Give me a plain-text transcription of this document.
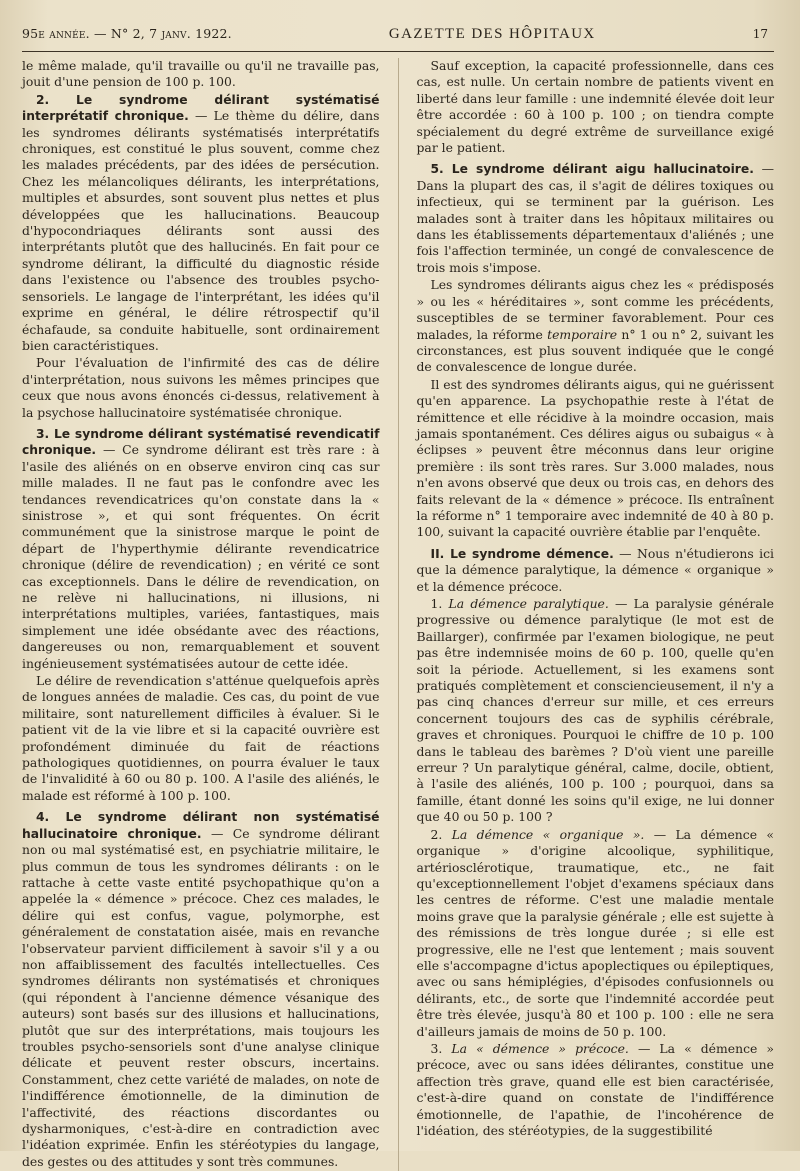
95e année. — N° 2, 7 janv. 1922.	GAZETTE DES HÔPITAUX	17

le même malade, qu'il travaille ou qu'il ne travaille pas, jouit d'une pension de 100 p. 100.

2. Le syndrome délirant systématisé interprétatif chronique. — Le thème du délire, dans les syndromes délirants systématisés interprétatifs chroniques, est constitué le plus souvent, comme chez les malades précédents, par des idées de persécution. Chez les mélancoliques délirants, les interprétations, multiples et absurdes, sont souvent plus nettes et plus développées que les hallucinations. Beaucoup d'hypocondriaques délirants sont aussi des interprétants plutôt que des hallucinés. En fait pour ce syndrome délirant, la difficulté du diagnostic réside dans l'existence ou l'absence des troubles psycho-sensoriels. Le langage de l'interprétant, les idées qu'il exprime en général, le délire rétrospectif qu'il échafaude, sa conduite habituelle, sont ordinairement bien caractéristiques.

Pour l'évaluation de l'infirmité des cas de délire d'interprétation, nous suivons les mêmes principes que ceux que nous avons énoncés ci-dessus, relativement à la psychose hallucinatoire systématisée chronique.

3. Le syndrome délirant systématisé revendicatif chronique. — Ce syndrome délirant est très rare : à l'asile des aliénés on en observe environ cinq cas sur mille malades. Il ne faut pas le confondre avec les tendances revendicatrices qu'on constate dans la « sinistrose », et qui sont fréquentes. On écrit communément que la sinistrose marque le point de départ de l'hyperthymie délirante revendicatrice chronique (délire de revendication) ; en vérité ce sont cas exceptionnels. Dans le délire de revendication, on ne relève ni hallucinations, ni illusions, ni interprétations multiples, variées, fantastiques, mais simplement une idée obsédante avec des réactions, dangereuses ou non, remarquablement et souvent ingénieusement systématisées autour de cette idée.

Le délire de revendication s'atténue quelquefois après de longues années de maladie. Ces cas, du point de vue militaire, sont naturellement difficiles à évaluer. Si le patient vit de la vie libre et si la capacité ouvrière est profondément diminuée du fait de réactions pathologiques quotidiennes, on pourra évaluer le taux de l'invalidité à 60 ou 80 p. 100. A l'asile des aliénés, le malade est réformé à 100 p. 100.

4. Le syndrome délirant non systématisé hallucinatoire chronique. — Ce syndrome délirant non ou mal systématisé est, en psychiatrie militaire, le plus commun de tous les syndromes délirants : on le rattache à cette vaste entité psychopathique qu'on a appelée la « démence » précoce. Chez ces malades, le délire qui est confus, vague, polymorphe, est généralement de constatation aisée, mais en revanche l'observateur parvient difficilement à savoir s'il y a ou non affaiblissement des facultés intellectuelles. Ces syndromes délirants non systématisés et chroniques (qui répondent à l'ancienne démence vésanique des auteurs) sont basés sur des illusions et hallucinations, plutôt que sur des interprétations, mais toujours les troubles psycho-sensoriels sont d'une analyse clinique délicate et peuvent rester obscurs, incertains. Constamment, chez cette variété de malades, on note de l'indifférence émotionnelle, de la diminution de l'affectivité, des réactions discordantes ou dysharmoniques, c'est-à-dire en contradiction avec l'idéation exprimée. Enfin les stéréotypies du langage, des gestes ou des attitudes y sont très communes.

Sauf exception, la capacité professionnelle, dans ces cas, est nulle. Un certain nombre de patients vivent en liberté dans leur famille : une indemnité élevée doit leur être accordée : 60 à 100 p. 100 ; on tiendra compte spécialement du degré extrême de surveillance exigé par le patient.

5. Le syndrome délirant aigu hallucinatoire. — Dans la plupart des cas, il s'agit de délires toxiques ou infectieux, qui se terminent par la guérison. Les malades sont à traiter dans les hôpitaux militaires ou dans les établissements départementaux d'aliénés ; une fois l'affection terminée, un congé de convalescence de trois mois s'impose.

Les syndromes délirants aigus chez les « prédisposés » ou les « héréditaires », sont comme les précédents, susceptibles de se terminer favorablement. Pour ces malades, la réforme temporaire n° 1 ou n° 2, suivant les circonstances, est plus souvent indiquée que le congé de convalescence de longue durée.

Il est des syndromes délirants aigus, qui ne guérissent qu'en apparence. La psychopathie reste à l'état de rémittence et elle récidive à la moindre occasion, mais jamais spontanément. Ces délires aigus ou subaigus « à éclipses » peuvent être méconnus dans leur origine première : ils sont très rares. Sur 3.000 malades, nous n'en avons observé que deux ou trois cas, en dehors des faits relevant de la « démence » précoce. Ils entraînent la réforme n° 1 temporaire avec indemnité de 40 à 80 p. 100, suivant la capacité ouvrière établie par l'enquête.

II. Le syndrome démence. — Nous n'étudierons ici que la démence paralytique, la démence « organique » et la démence précoce.

1. La démence paralytique. — La paralysie générale progressive ou démence paralytique (le mot est de Baillarger), confirmée par l'examen biologique, ne peut pas être indemnisée moins de 60 p. 100, quelle qu'en soit la période. Actuellement, si les examens sont pratiqués complètement et consciencieusement, il n'y a pas cinq chances d'erreur sur mille, et ces erreurs concernent toujours des cas de syphilis cérébrale, graves et chroniques. Pourquoi le chiffre de 10 p. 100 dans le tableau des barèmes ? D'où vient une pareille erreur ? Un paralytique général, calme, docile, obtient, à l'asile des aliénés, 100 p. 100 ; pourquoi, dans sa famille, étant donné les soins qu'il exige, ne lui donner que 40 ou 50 p. 100 ?

2. La démence « organique ». — La démence « organique » d'origine alcoolique, syphilitique, artériosclérotique, traumatique, etc., ne fait qu'exceptionnellement l'objet d'examens spéciaux dans les centres de réforme. C'est une maladie mentale moins grave que la paralysie générale ; elle est sujette à des rémissions de très longue durée ; si elle est progressive, elle ne l'est que lentement ; mais souvent elle s'accompagne d'ictus apoplectiques ou épileptiques, avec ou sans hémiplégies, d'épisodes confusionnels ou délirants, etc., de sorte que l'indemnité accordée peut être très élevée, jusqu'à 80 et 100 p. 100 : elle ne sera d'ailleurs jamais de moins de 50 p. 100.

3. La « démence » précoce. — La « démence » précoce, avec ou sans idées délirantes, constitue une affection très grave, quand elle est bien caractérisée, c'est-à-dire quand on constate de l'indifférence émotionnelle, de l'apathie, de l'incohérence de l'idéation, des stéréotypies, de la suggestibilité
